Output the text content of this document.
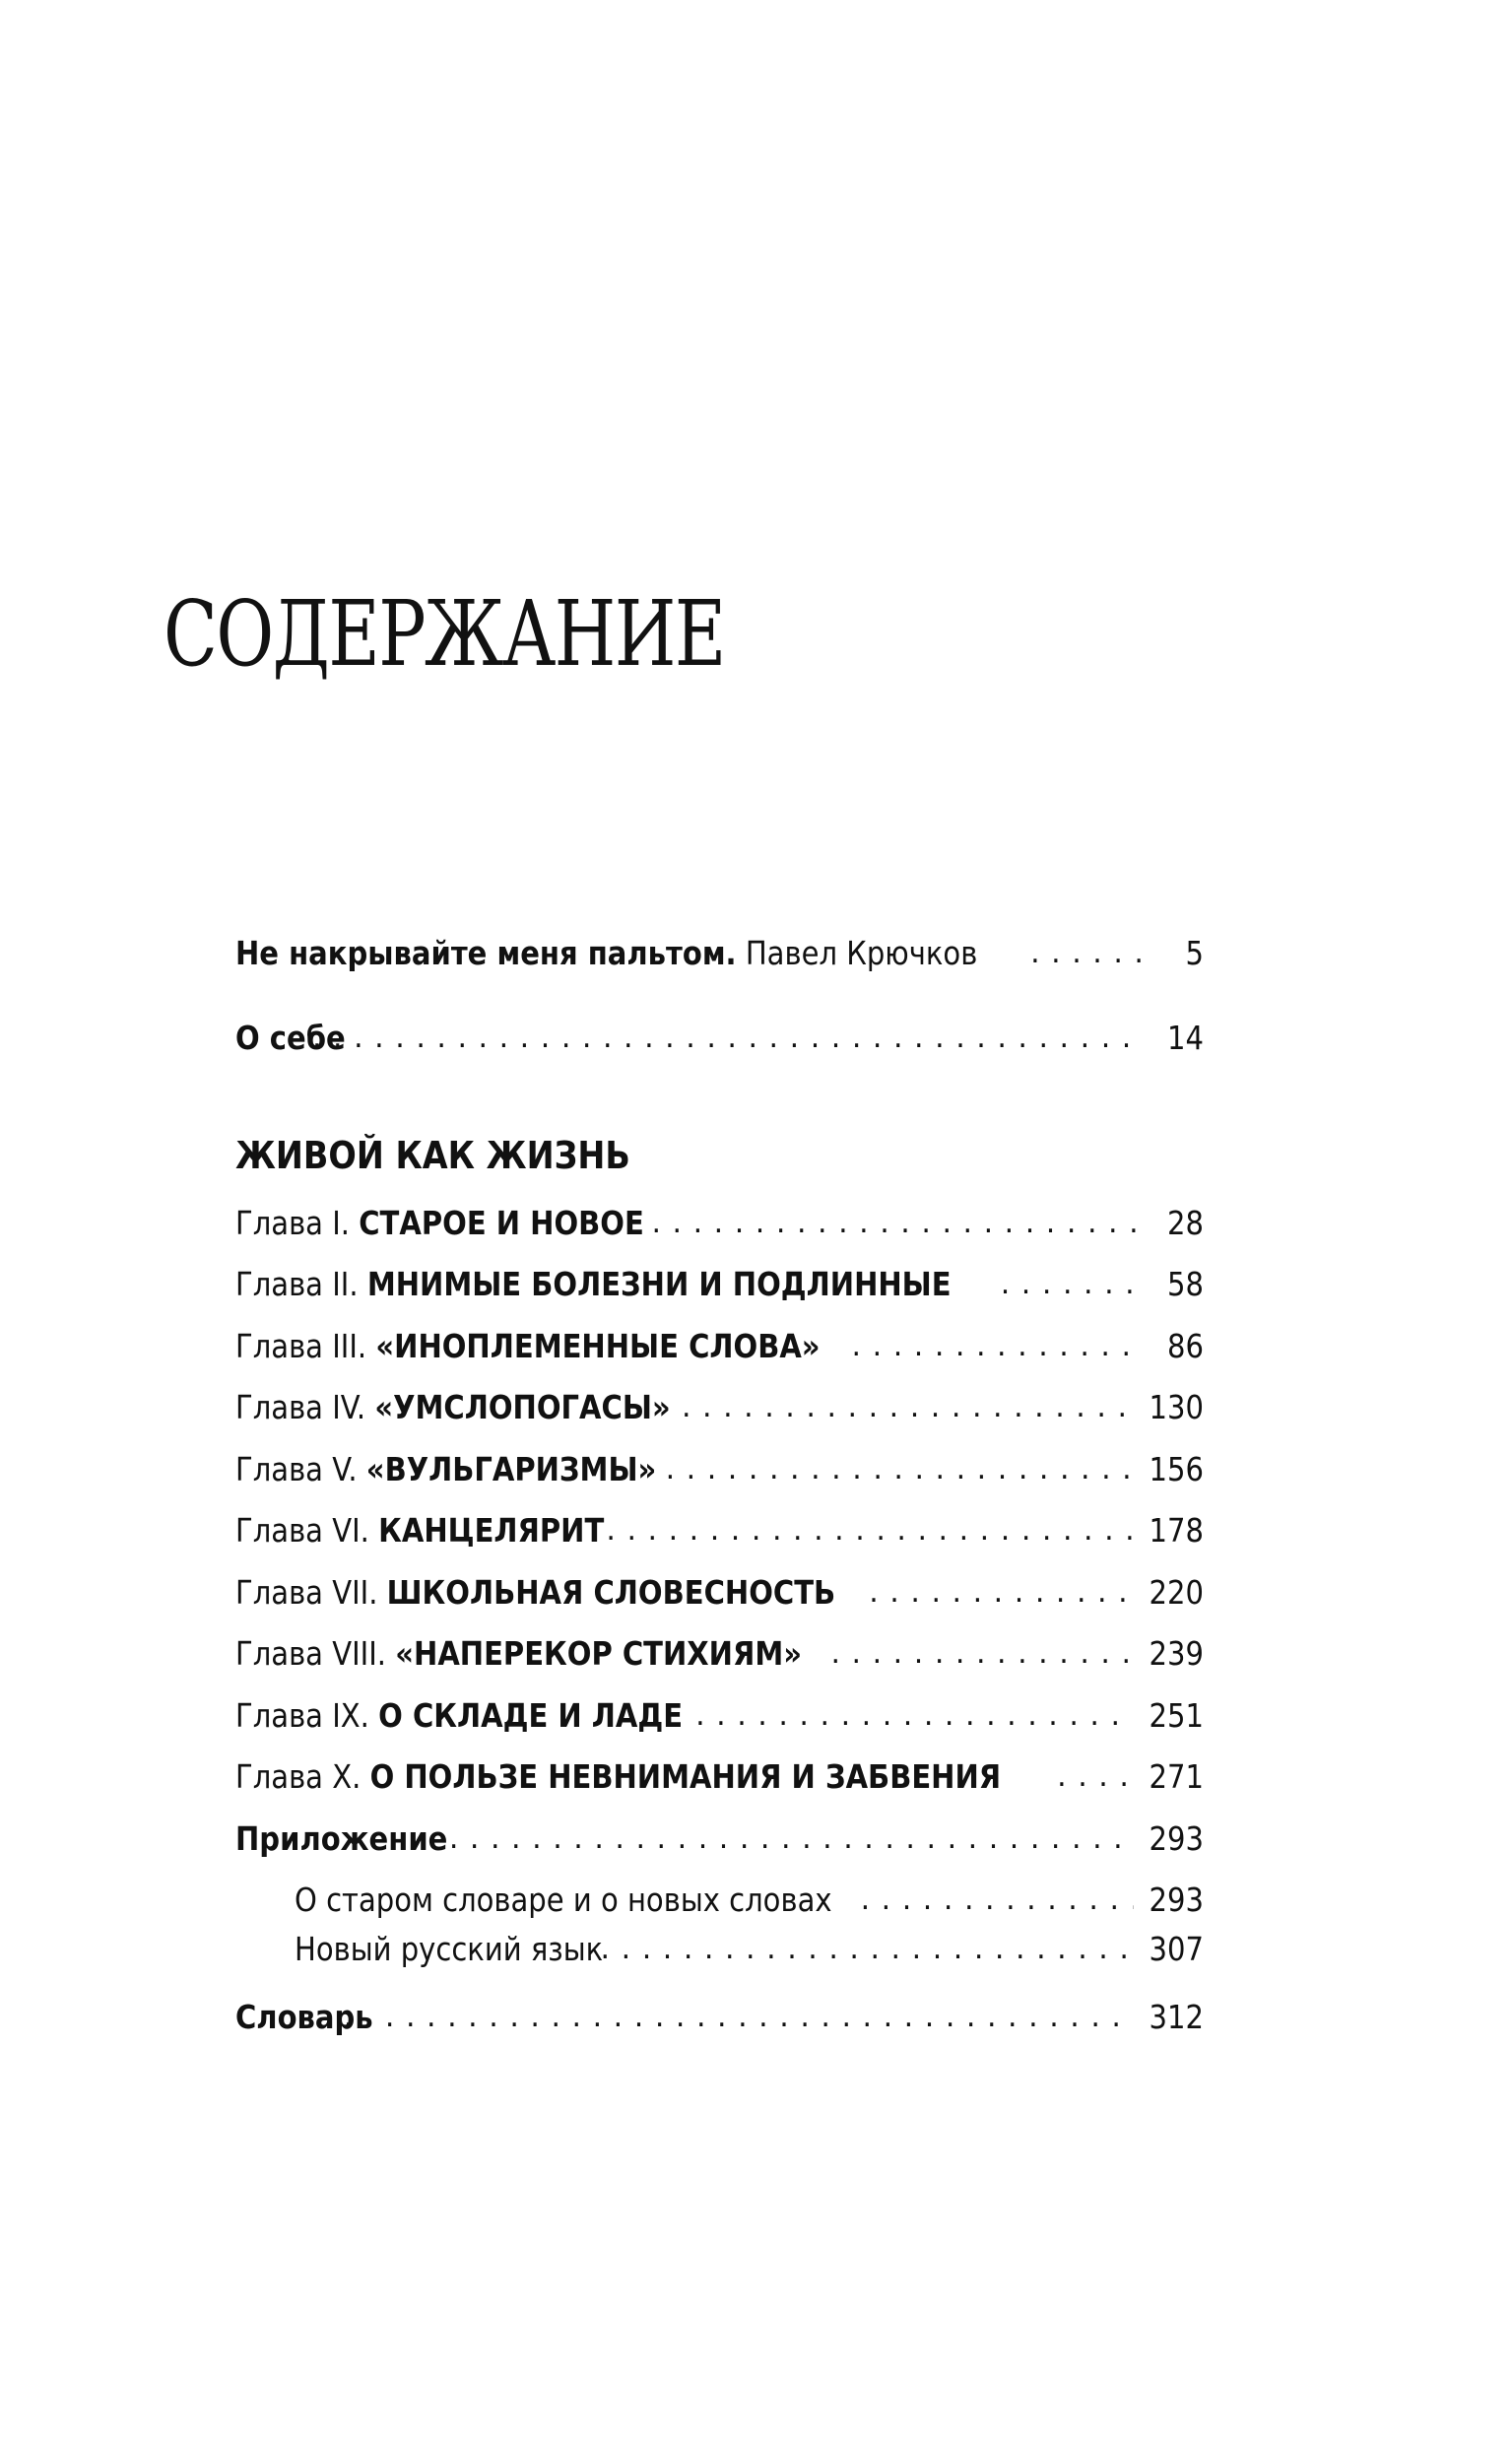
СОДЕРЖАНИЕ
Не накрывайте меня пальтом. Павел Крючков . . .	5
О себе . . .	14
ЖИВОЙ КАК ЖИЗНЬ
Глава I. СТАРОЕ И НОВОЕ . . .	28
Глава II. МНИМЫЕ БОЛЕЗНИ И ПОДЛИННЫЕ . . .	58
Глава III. «ИНОПЛЕМЕННЫЕ СЛОВА» . . .	86
Глава IV. «УМСЛОПОГАСЫ» . . .	130
Глава V. «ВУЛЬГАРИЗМЫ» . . .	156
Глава VI. КАНЦЕЛЯРИТ . . .	178
Глава VII. ШКОЛЬНАЯ СЛОВЕСНОСТЬ . . .	220
Глава VIII. «НАПЕРЕКОР СТИХИЯМ» . . .	239
Глава IX. О СКЛАДЕ И ЛАДЕ . . .	251
Глава X. О ПОЛЬЗЕ НЕВНИМАНИЯ И ЗАБВЕНИЯ . . .	271
Приложение . . .	293
О старом словаре и о новых словах . . .	293
Новый русский язык . . .	307
Словарь . . .	312
